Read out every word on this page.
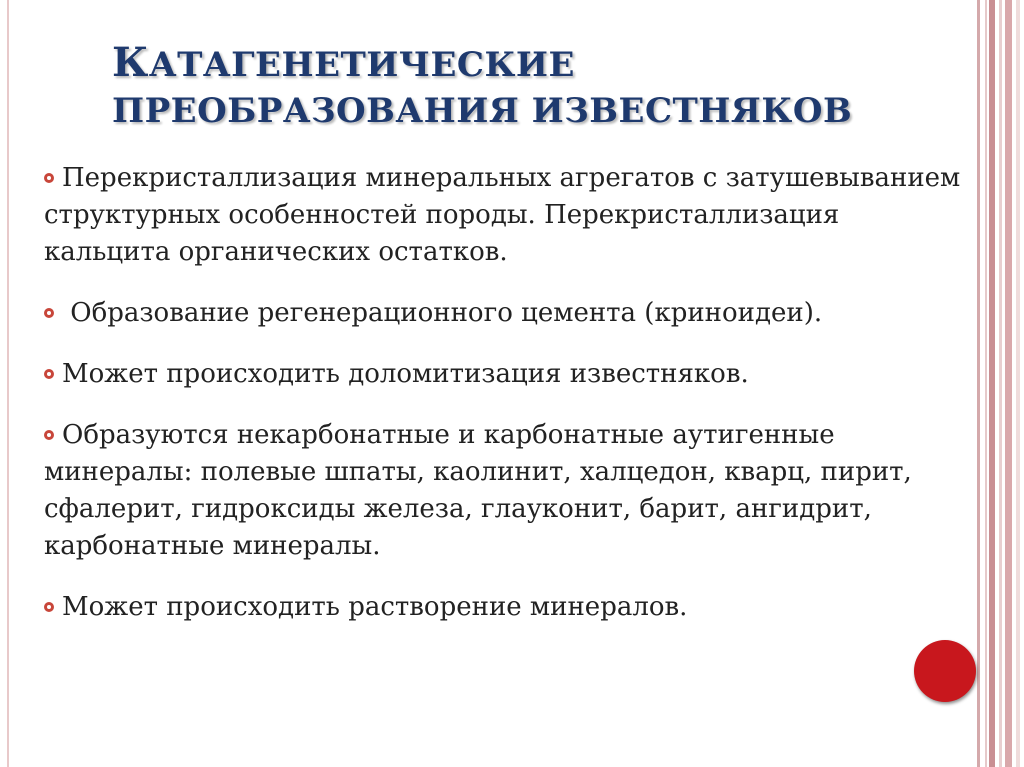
КАТАГЕНЕТИЧЕСКИЕ
ПРЕОБРАЗОВАНИЯ ИЗВЕСТНЯКОВ
Перекристаллизация минеральных агрегатов с затушевыванием структурных особенностей породы. Перекристаллизация кальцита органических остатков.
Образование регенерационного цемента (криноидеи).
Может происходить доломитизация известняков.
Образуются некарбонатные и карбонатные аутигенные минералы: полевые шпаты, каолинит, халцедон, кварц, пирит, сфалерит, гидроксиды железа, глауконит, барит, ангидрит, карбонатные минералы.
Может происходить растворение минералов.
